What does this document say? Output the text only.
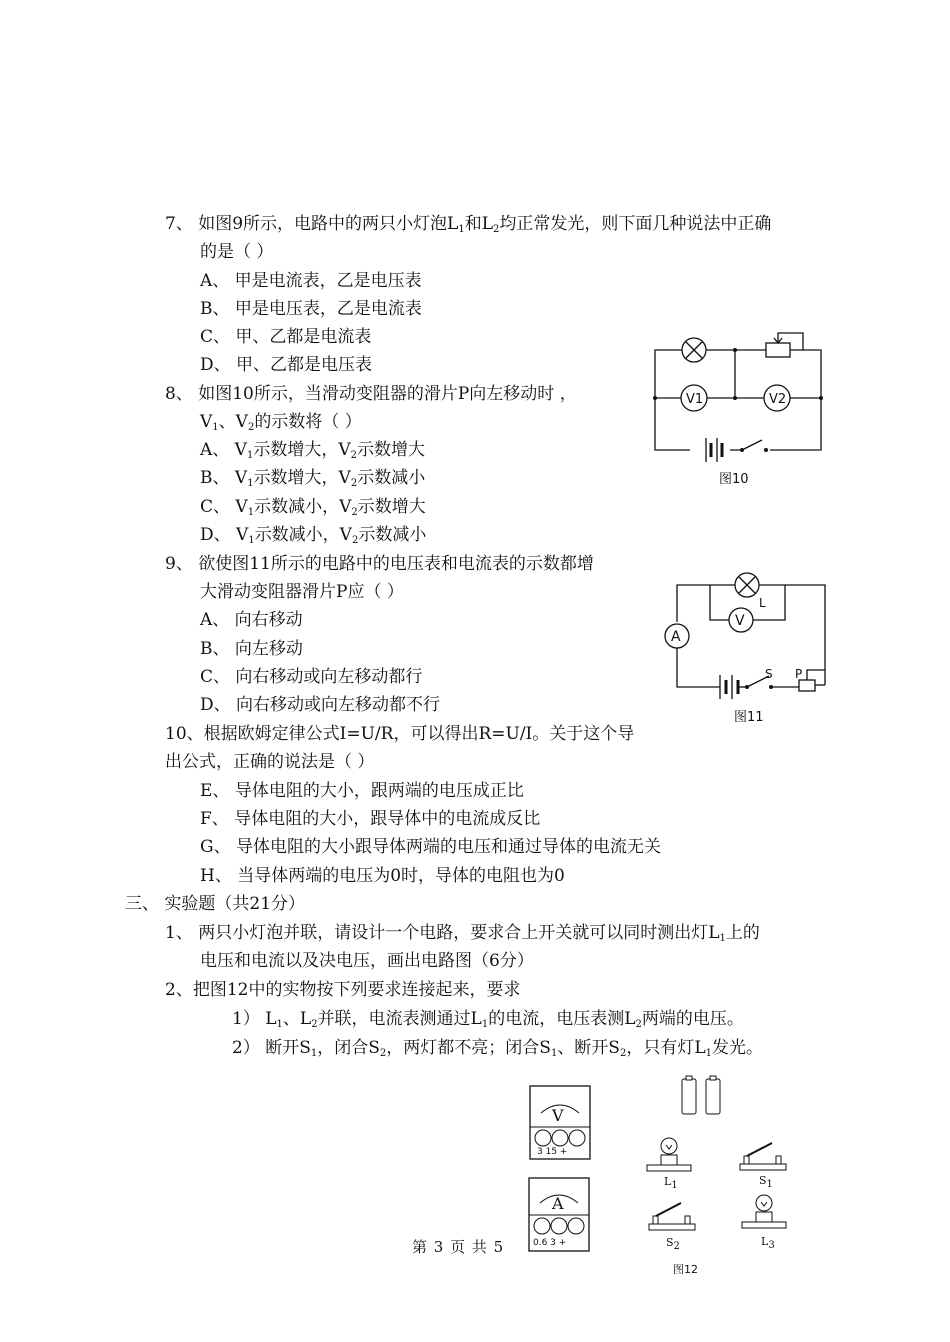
7、 如图9所示，电路中的两只小灯泡$L_1$和$L_2$均正常发光，则下面几种说法中正确
的是（ ）
A、 甲是电流表，乙是电压表
B、 甲是电压表，乙是电流表
C、 甲、乙都是电流表
D、 甲、乙都是电压表
8、 如图10所示，当滑动变阻器的滑片P向左移动时 ，
$V_1$、$V_2$的示数将（ ）
A、 $V_1$示数增大，$V_2$示数增大
B、 $V_1$示数增大，$V_2$示数减小
C、 $V_1$示数减小，$V_2$示数增大
D、 $V_1$示数减小，$V_2$示数减小
9、 欲使图11所示的电路中的电压表和电流表的示数都增
大滑动变阻器滑片P应（ ）
A、 向右移动
B、 向左移动
C、 向右移动或向左移动都行
D、 向右移动或向左移动都不行
10、根据欧姆定律公式I=U/R，可以得出R=U/I。关于这个导
出公式，正确的说法是（ ）
E、 导体电阻的大小，跟两端的电压成正比
F、 导体电阻的大小，跟导体中的电流成反比
G、 导体电阻的大小跟导体两端的电压和通过导体的电流无关
H、 当导体两端的电压为0时，导体的电阻也为0
三、 实验题（共21分）
1、 两只小灯泡并联，请设计一个电路，要求合上开关就可以同时测出灯$L_1$上的
电压和电流以及决电压，画出电路图（6分）
2、把图12中的实物按下列要求连接起来，要求
1） $L_1$、$L_2$并联，电流表测通过$L_1$的电流，电压表测$L_2$两端的电压。
2） 断开$S_1$，闭合$S_2$，两灯都不亮；闭合$S_1$、断开$S_2$，只有灯$L_1$发光。
V1	V2
图10
V
A
L
S P
图11
V
3 15 +
A
0.6 3 +
$L_1$	$S_1$
$S_2$	$L_3$
图12
第 3 页 共 5
